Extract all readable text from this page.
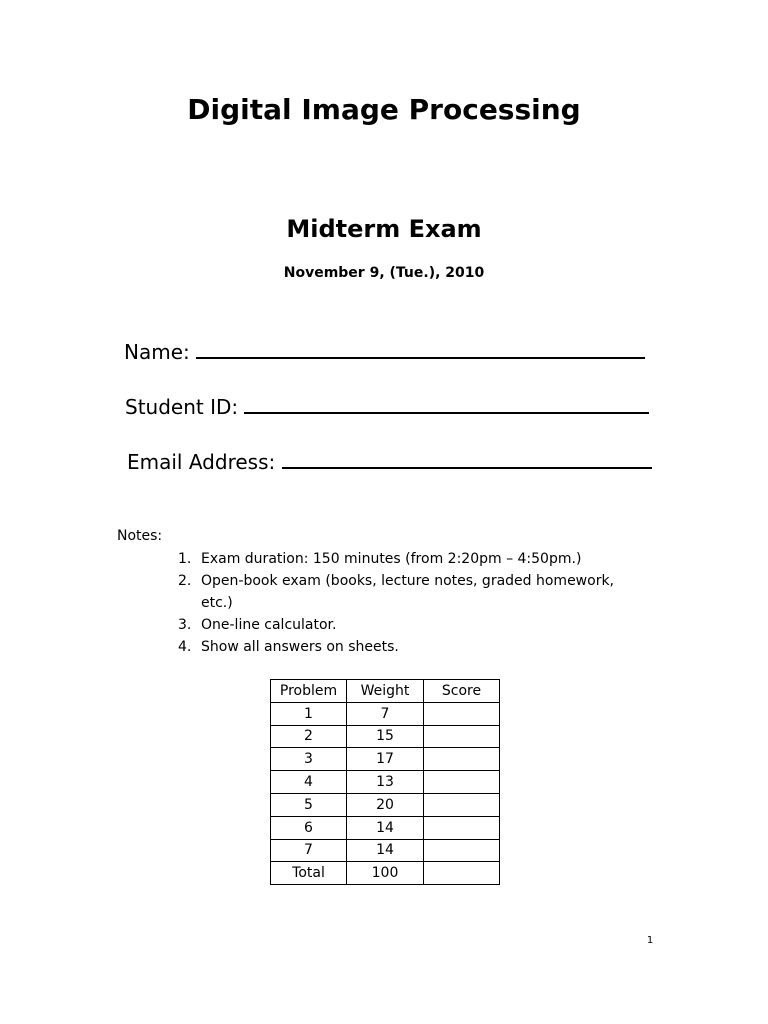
Digital Image Processing
Midterm Exam
November 9, (Tue.), 2010
Name:
Student ID:
Email Address:
Notes:
1. Exam duration: 150 minutes (from 2:20pm – 4:50pm.)
2. Open-book exam (books, lecture notes, graded homework, etc.)
3. One-line calculator.
4. Show all answers on sheets.
Problem	Weight	Score
1	7	
2	15	
3	17	
4	13	
5	20	
6	14	
7	14	
Total	100	
1
